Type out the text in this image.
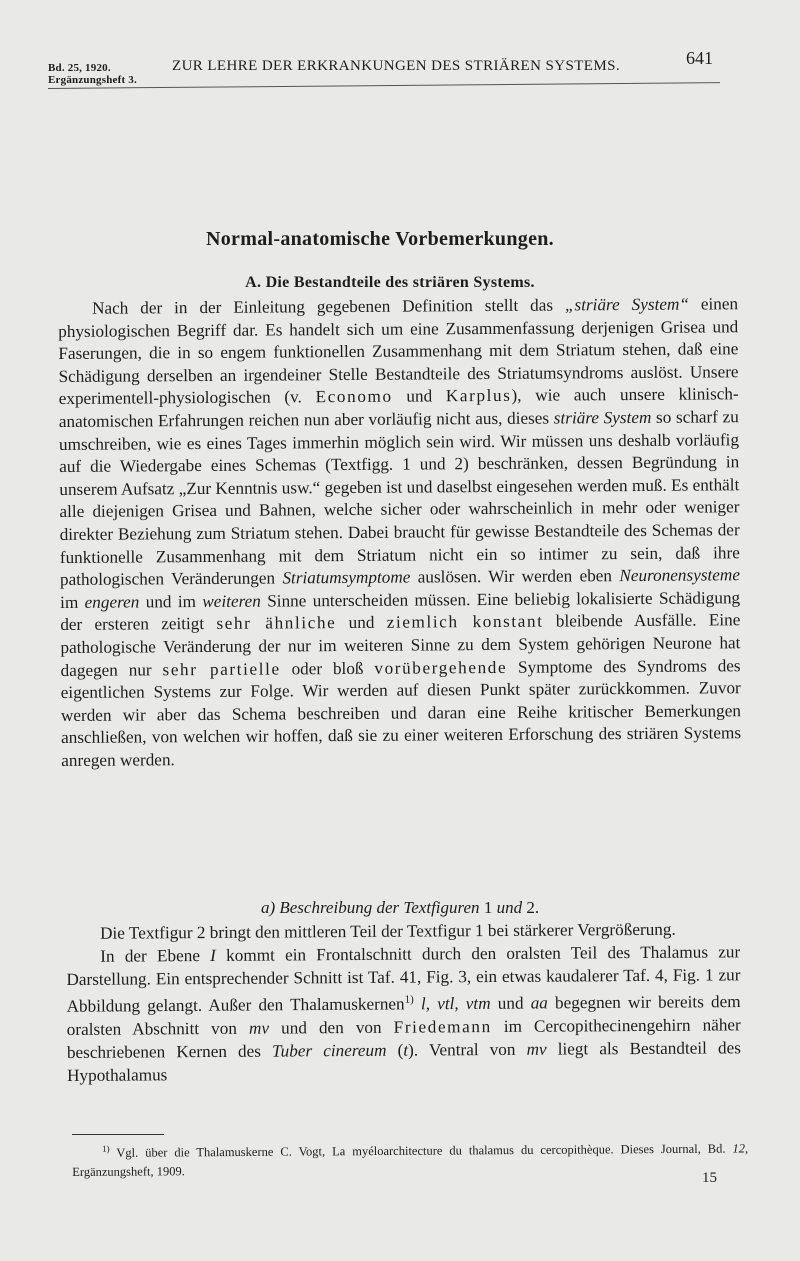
Bd. 25, 1920.
Ergänzungsheft 3.
ZUR LEHRE DER ERKRANKUNGEN DES STRIÄREN SYSTEMS.	641
Normal-anatomische Vorbemerkungen.
A. Die Bestandteile des striären Systems.

Nach der in der Einleitung gegebenen Definition stellt das „striäre System“ einen physiologischen Begriff dar. Es handelt sich um eine Zusammenfassung derjenigen Grisea und Faserungen, die in so engem funktionellen Zusammenhang mit dem Striatum stehen, daß eine Schädigung derselben an irgendeiner Stelle Bestandteile des Striatumsyndroms auslöst. Unsere experimentell-physiologischen (v. Economo und Karplus), wie auch unsere klinisch-anatomischen Erfahrungen reichen nun aber vorläufig nicht aus, dieses striäre System so scharf zu umschreiben, wie es eines Tages immerhin möglich sein wird. Wir müssen uns deshalb vorläufig auf die Wiedergabe eines Schemas (Textfigg. 1 und 2) beschränken, dessen Begründung in unserem Aufsatz „Zur Kenntnis usw.“ gegeben ist und daselbst eingesehen werden muß. Es enthält alle diejenigen Grisea und Bahnen, welche sicher oder wahrscheinlich in mehr oder weniger direkter Beziehung zum Striatum stehen. Dabei braucht für gewisse Bestandteile des Schemas der funktionelle Zusammenhang mit dem Striatum nicht ein so intimer zu sein, daß ihre pathologischen Veränderungen Striatumsymptome auslösen. Wir werden eben Neuronensysteme im engeren und im weiteren Sinne unterscheiden müssen. Eine beliebig lokalisierte Schädigung der ersteren zeitigt sehr ähnliche und ziemlich konstant bleibende Ausfälle. Eine pathologische Veränderung der nur im weiteren Sinne zu dem System gehörigen Neurone hat dagegen nur sehr partielle oder bloß vorübergehende Symptome des Syndroms des eigentlichen Systems zur Folge. Wir werden auf diesen Punkt später zurückkommen. Zuvor werden wir aber das Schema beschreiben und daran eine Reihe kritischer Bemerkungen anschließen, von welchen wir hoffen, daß sie zu einer weiteren Erforschung des striären Systems anregen werden.

a) Beschreibung der Textfiguren 1 und 2.

Die Textfigur 2 bringt den mittleren Teil der Textfigur 1 bei stärkerer Vergrößerung.

In der Ebene I kommt ein Frontalschnitt durch den oralsten Teil des Thalamus zur Darstellung. Ein entsprechender Schnitt ist Taf. 41, Fig. 3, ein etwas kaudalerer Taf. 4, Fig. 1 zur Abbildung gelangt. Außer den Thalamuskernen$^{1)}$ l, vtl, vtm und aa begegnen wir bereits dem oralsten Abschnitt von mv und den von Friedemann im Cercopithecinengehirn näher beschriebenen Kernen des Tuber cinereum (t). Ventral von mv liegt als Bestandteil des Hypothalamus

$^{1)}$ Vgl. über die Thalamuskerne C. Vogt, La myéloarchitecture du thalamus du cercopithèque. Dieses Journal, Bd. 12, Ergänzungsheft, 1909.	15
